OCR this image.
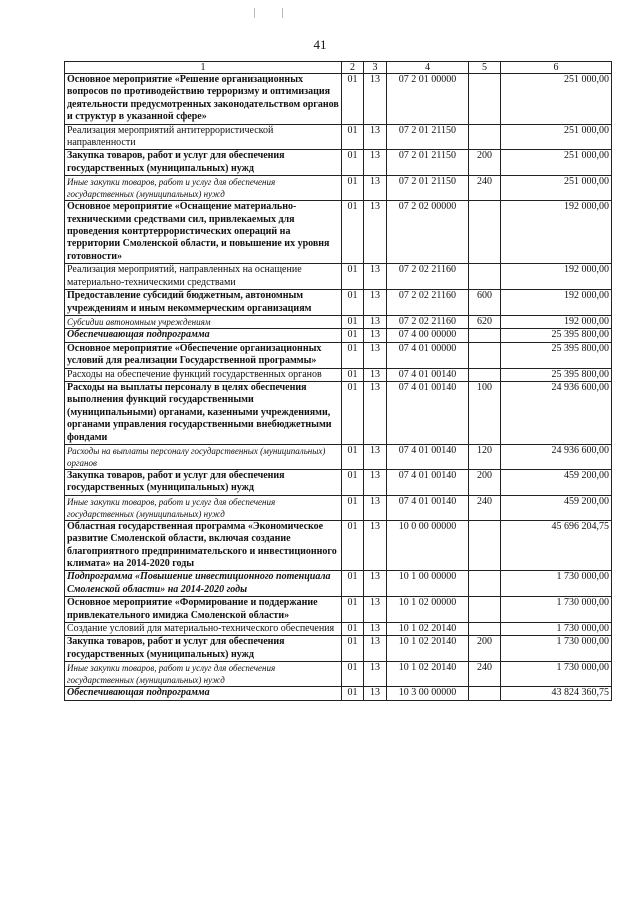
41
1	2	3	4	5	6
Основное мероприятие «Решение организационных вопросов по противодействию терроризму и оптимизация деятельности предусмотренных законодательством органов и структур в указанной сфере»	01	13	07 2 01 00000		251 000,00
Реализация мероприятий антитеррористической направленности	01	13	07 2 01 21150		251 000,00
Закупка товаров, работ и услуг для обеспечения государственных (муниципальных) нужд	01	13	07 2 01 21150	200	251 000,00
Иные закупки товаров, работ и услуг для обеспечения государственных (муниципальных) нужд	01	13	07 2 01 21150	240	251 000,00
Основное мероприятие «Оснащение материально-техническими средствами сил, привлекаемых для проведения контртеррористических операций на территории Смоленской области, и повышение их уровня готовности»	01	13	07 2 02 00000		192 000,00
Реализация мероприятий, направленных на оснащение материально-техническими средствами	01	13	07 2 02 21160		192 000,00
Предоставление субсидий бюджетным, автономным учреждениям и иным некоммерческим организациям	01	13	07 2 02 21160	600	192 000,00
Субсидии автономным учреждениям	01	13	07 2 02 21160	620	192 000,00
Обеспечивающая подпрограмма	01	13	07 4 00 00000		25 395 800,00
Основное мероприятие «Обеспечение организационных условий для реализации Государственной программы»	01	13	07 4 01 00000		25 395 800,00
Расходы на обеспечение функций государственных органов	01	13	07 4 01 00140		25 395 800,00
Расходы на выплаты персоналу в целях обеспечения выполнения функций государственными (муниципальными) органами, казенными учреждениями, органами управления государственными внебюджетными фондами	01	13	07 4 01 00140	100	24 936 600,00
Расходы на выплаты персоналу государственных (муниципальных) органов	01	13	07 4 01 00140	120	24 936 600,00
Закупка товаров, работ и услуг для обеспечения государственных (муниципальных) нужд	01	13	07 4 01 00140	200	459 200,00
Иные закупки товаров, работ и услуг для обеспечения государственных (муниципальных) нужд	01	13	07 4 01 00140	240	459 200,00
Областная государственная программа «Экономическое развитие Смоленской области, включая создание благоприятного предпринимательского и инвестиционного климата» на 2014-2020 годы	01	13	10 0 00 00000		45 696 204,75
Подпрограмма «Повышение инвестиционного потенциала Смоленской области» на 2014-2020 годы	01	13	10 1 00 00000		1 730 000,00
Основное мероприятие «Формирование и поддержание привлекательного имиджа Смоленской области»	01	13	10 1 02 00000		1 730 000,00
Создание условий для материально-технического обеспечения	01	13	10 1 02 20140		1 730 000,00
Закупка товаров, работ и услуг для обеспечения государственных (муниципальных) нужд	01	13	10 1 02 20140	200	1 730 000,00
Иные закупки товаров, работ и услуг для обеспечения государственных (муниципальных) нужд	01	13	10 1 02 20140	240	1 730 000,00
Обеспечивающая подпрограмма	01	13	10 3 00 00000		43 824 360,75
